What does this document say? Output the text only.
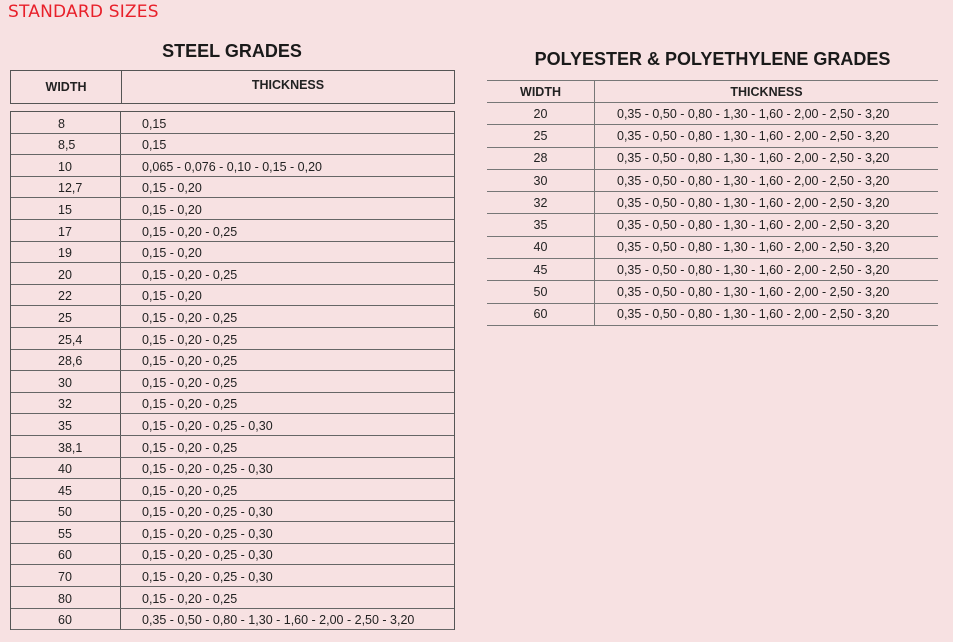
STANDARD SIZES
STEEL GRADES
WIDTH	THICKNESS
8	0,15
8,5	0,15
10	0,065 - 0,076 - 0,10 - 0,15 - 0,20
12,7	0,15 - 0,20
15	0,15 - 0,20
17	0,15 - 0,20 - 0,25
19	0,15 - 0,20
20	0,15 - 0,20 - 0,25
22	0,15 - 0,20
25	0,15 - 0,20 - 0,25
25,4	0,15 - 0,20 - 0,25
28,6	0,15 - 0,20 - 0,25
30	0,15 - 0,20 - 0,25
32	0,15 - 0,20 - 0,25
35	0,15 - 0,20 - 0,25 - 0,30
38,1	0,15 - 0,20 - 0,25
40	0,15 - 0,20 - 0,25 - 0,30
45	0,15 - 0,20 - 0,25
50	0,15 - 0,20 - 0,25 - 0,30
55	0,15 - 0,20 - 0,25 - 0,30
60	0,15 - 0,20 - 0,25 - 0,30
70	0,15 - 0,20 - 0,25 - 0,30
80	0,15 - 0,20 - 0,25
60	0,35 - 0,50 - 0,80 - 1,30 - 1,60 - 2,00 - 2,50 - 3,20
POLYESTER & POLYETHYLENE GRADES
WIDTH	THICKNESS
20	0,35 - 0,50 - 0,80 - 1,30 - 1,60 - 2,00 - 2,50 - 3,20
25	0,35 - 0,50 - 0,80 - 1,30 - 1,60 - 2,00 - 2,50 - 3,20
28	0,35 - 0,50 - 0,80 - 1,30 - 1,60 - 2,00 - 2,50 - 3,20
30	0,35 - 0,50 - 0,80 - 1,30 - 1,60 - 2,00 - 2,50 - 3,20
32	0,35 - 0,50 - 0,80 - 1,30 - 1,60 - 2,00 - 2,50 - 3,20
35	0,35 - 0,50 - 0,80 - 1,30 - 1,60 - 2,00 - 2,50 - 3,20
40	0,35 - 0,50 - 0,80 - 1,30 - 1,60 - 2,00 - 2,50 - 3,20
45	0,35 - 0,50 - 0,80 - 1,30 - 1,60 - 2,00 - 2,50 - 3,20
50	0,35 - 0,50 - 0,80 - 1,30 - 1,60 - 2,00 - 2,50 - 3,20
60	0,35 - 0,50 - 0,80 - 1,30 - 1,60 - 2,00 - 2,50 - 3,20
